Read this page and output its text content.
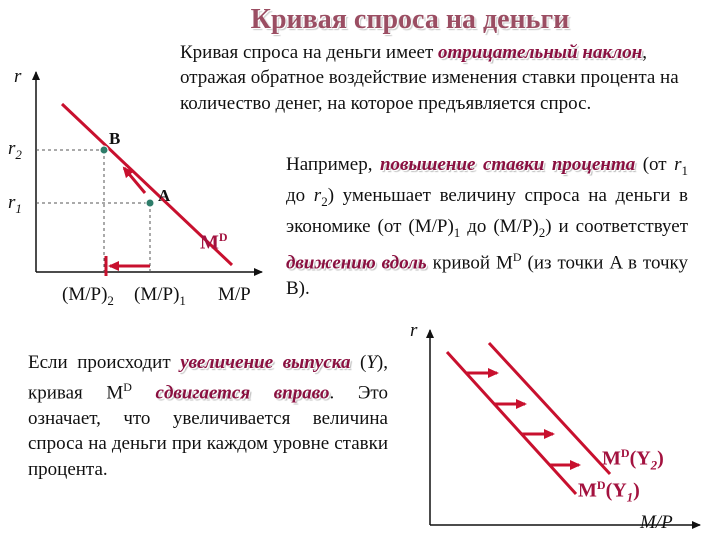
Кривая спроса на деньги
r
$r_2$
$r_1$
B
A
$M^D$
$(M/P)_2$ $(M/P)_1$ M/P
Кривая спроса на деньги имеет отрицательный наклон, отражая обратное воздействие изменения ставки процента на количество денег, на которое предъявляется спрос.
Например, повышение ставки процента (от $r_1$ до $r_2$) уменьшает величину спроса на деньги в экономике (от $(M/P)_1$ до $(M/P)_2$) и соответствует движению вдоль кривой $M^D$ (из точки A в точку B).
Если происходит увеличение выпуска (Y), кривая $M^D$ сдвигается вправо. Это означает, что увеличивается величина спроса на деньги при каждом уровне ставки процента.
r
$M^D(Y_2)$
$M^D(Y_1)$
M/P
